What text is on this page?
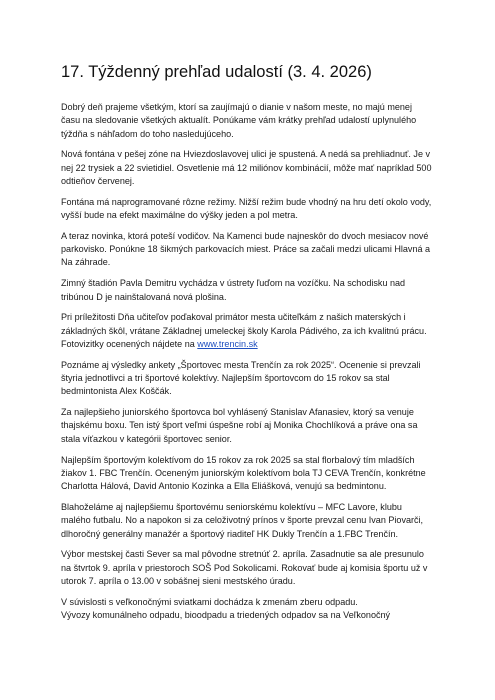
17. Týždenný prehľad udalostí (3. 4. 2026)

Dobrý deň prajeme všetkým, ktorí sa zaujímajú o dianie v našom meste, no majú menej času na sledovanie všetkých aktualít. Ponúkame vám krátky prehľad udalostí uplynulého týždňa s náhľadom do toho nasledujúceho.

Nová fontána v pešej zóne na Hviezdoslavovej ulici je spustená. A nedá sa prehliadnuť. Je v nej 22 trysiek a 22 svietidiel. Osvetlenie má 12 miliónov kombinácií, môže mať napríklad 500 odtieňov červenej.

Fontána má naprogramované rôzne režimy. Nižší režim bude vhodný na hru detí okolo vody, vyšší bude na efekt maximálne do výšky jeden a pol metra.

A teraz novinka, ktorá poteší vodičov. Na Kamenci bude najneskôr do dvoch mesiacov nové parkovisko. Ponúkne 18 šikmých parkovacích miest. Práce sa začali medzi ulicami Hlavná a Na záhrade.

Zimný štadión Pavla Demitru vychádza v ústrety ľuďom na vozíčku. Na schodisku nad tribúnou D je nainštalovaná nová plošina.

Pri príležitosti Dňa učiteľov poďakoval primátor mesta učiteľkám z našich materských i základných škôl, vrátane Základnej umeleckej školy Karola Pádivého, za ich kvalitnú prácu. Fotovizitky ocenených nájdete na www.trencin.sk

Poznáme aj výsledky ankety „Športovec mesta Trenčín za rok 2025“. Ocenenie si prevzali štyria jednotlivci a tri športové kolektívy. Najlepším športovcom do 15 rokov sa stal bedmintonista Alex Koščák.

Za najlepšieho juniorského športovca bol vyhlásený Stanislav Afanasiev, ktorý sa venuje thajskému boxu. Ten istý šport veľmi úspešne robí aj Monika Chochlíková a práve ona sa stala víťazkou v kategórii športovec senior.

Najlepším športovým kolektívom do 15 rokov za rok 2025 sa stal florbalový tím mladších žiakov 1. FBC Trenčín. Oceneným juniorským kolektívom bola TJ CEVA Trenčín, konkrétne Charlotta Hálová, David Antonio Kozinka a Ella Eliášková, venujú sa bedmintonu.

Blahoželáme aj najlepšiemu športovému seniorskému kolektívu – MFC Lavore, klubu malého futbalu. No a napokon si za celoživotný prínos v športe prevzal cenu Ivan Piovarči, dlhoročný generálny manažér a športový riaditeľ HK Dukly Trenčín a 1.FBC Trenčín.

Výbor mestskej časti Sever sa mal pôvodne stretnúť 2. apríla. Zasadnutie sa ale presunulo na štvrtok 9. apríla v priestoroch SOŠ Pod Sokolicami. Rokovať bude aj komisia športu už v utorok 7. apríla o 13.00 v sobášnej sieni mestského úradu.

V súvislosti s veľkonočnými sviatkami dochádza k zmenám zberu odpadu.
Vývozy komunálneho odpadu, bioodpadu a triedených odpadov sa na Veľkonočný
